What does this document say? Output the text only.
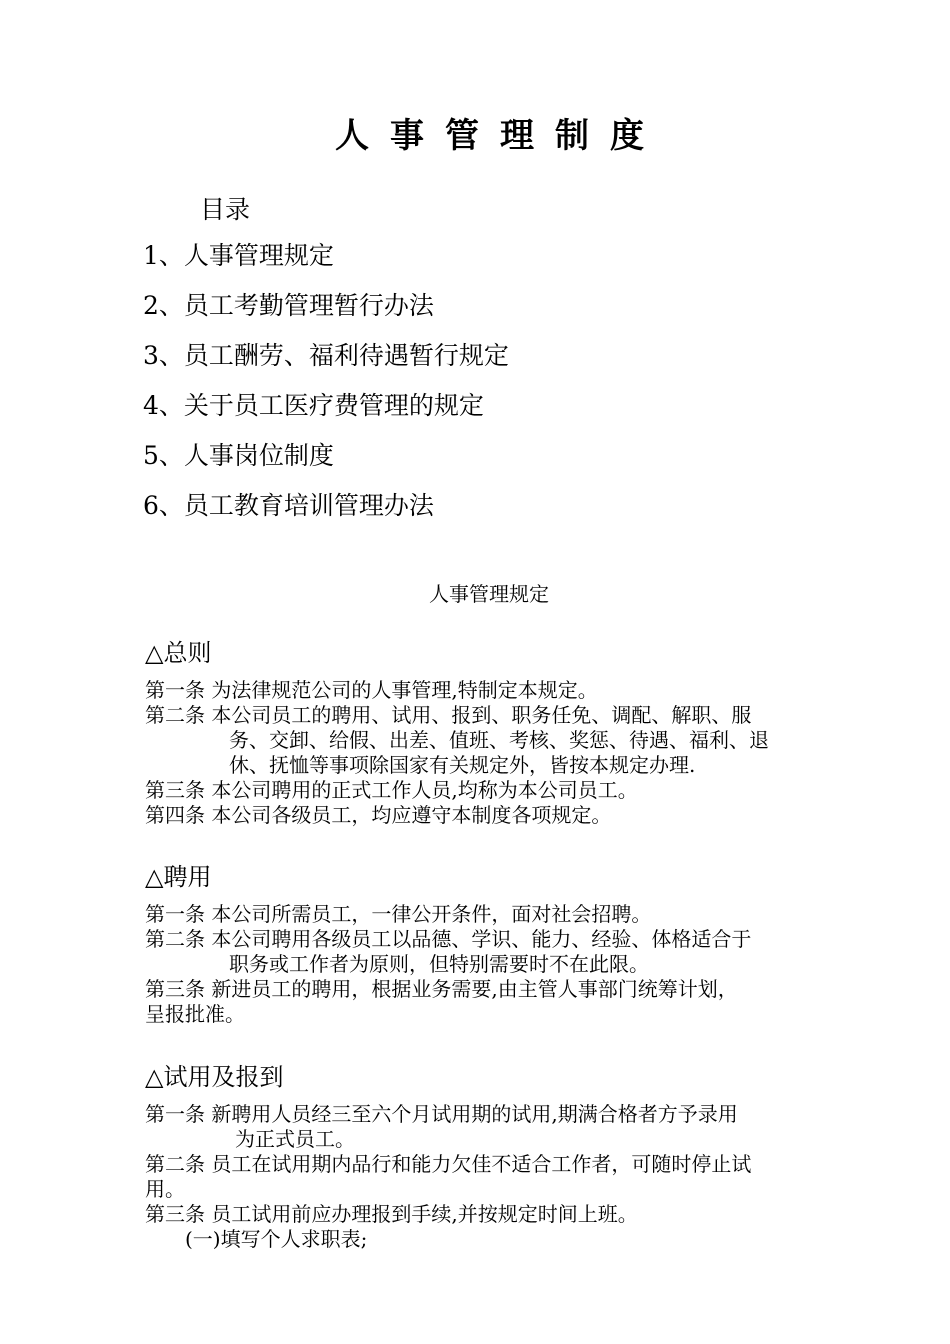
人事管理制度
目录
1、人事管理规定
2、员工考勤管理暂行办法
3、员工酬劳、福利待遇暂行规定
4、关于员工医疗费管理的规定
5、人事岗位制度
6、员工教育培训管理办法
人事管理规定
△总则

第一条 为法律规范公司的人事管理,特制定本规定。

第二条 本公司员工的聘用、试用、报到、职务任免、调配、解职、服
务、交卸、给假、出差、值班、考核、奖惩、待遇、福利、退
休、抚恤等事项除国家有关规定外，皆按本规定办理.

第三条 本公司聘用的正式工作人员,均称为本公司员工。

第四条 本公司各级员工，均应遵守本制度各项规定。

△聘用

第一条 本公司所需员工，一律公开条件，面对社会招聘。

第二条 本公司聘用各级员工以品德、学识、能力、经验、体格适合于
职务或工作者为原则，但特别需要时不在此限。

第三条 新进员工的聘用，根据业务需要,由主管人事部门统筹计划，
呈报批准。

△试用及报到

第一条 新聘用人员经三至六个月试用期的试用,期满合格者方予录用
为正式员工。

第二条 员工在试用期内品行和能力欠佳不适合工作者，可随时停止试
用。

第三条 员工试用前应办理报到手续,并按规定时间上班。

(一)填写个人求职表;
